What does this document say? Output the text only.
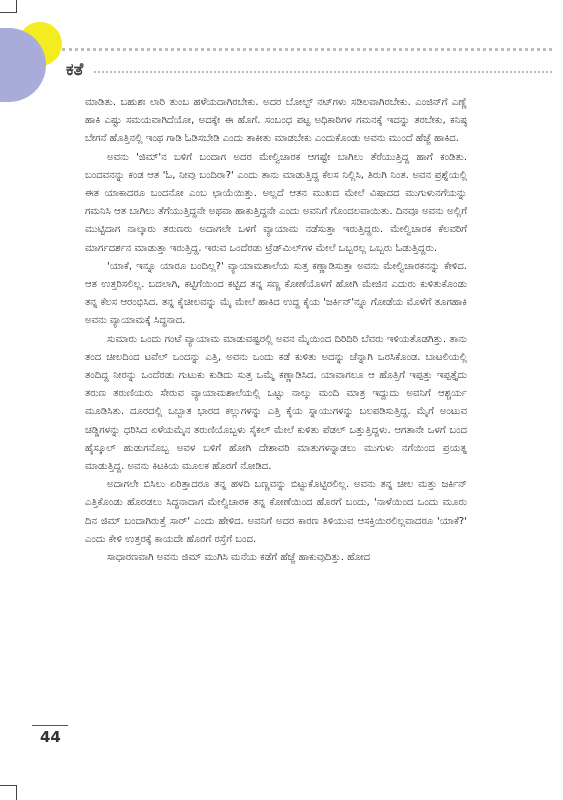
ಕತೆ

ಮಾಡಿತು. ಬಹುಶಃ ಲಾರಿ ತುಂಬ ಹಳೆಯದಾಗಿರಬೇಕು. ಅದರ ಬೋಲ್ಟ್ ನಟ್‌ಗಳು ಸಡಿಲವಾಗಿರಬೇಕು. ಎಂಜಿನ್‌ಗೆ ಎಣ್ಣೆ ಹಾಕಿ ಎಷ್ಟು ಸಮಯವಾಗಿದೆಯೋ, ಅದಕ್ಕೇ ಈ ಹೊಗೆ. ಸಂಬಂಧ ಪಟ್ಟ ಅಧಿಕಾರಿಗಳ ಗಮನಕ್ಕೆ ಇದನ್ನು ತರಬೇಕು, ಕನಿಷ್ಠ ಬೇಗನೆ ಹೊತ್ತಿನಲ್ಲಿ ಇಂಥ ಗಾಡಿ ಓಡಿಸಬೇಡಿ ಎಂದು ತಾಕೀತು ಮಾಡಬೇಕು ಎಂದುಕೊಂಡು ಅವನು ಮುಂದೆ ಹೆಜ್ಜೆ ಹಾಕಿದ.

ಅವನು 'ಜಿಮ್'ನ ಬಳಿಗೆ ಬಂದಾಗ ಅದರ ಮೇಲ್ವಿಚಾರಕ ಆಗಷ್ಟೇ ಬಾಗಿಲು ತೆರೆಯುತ್ತಿದ್ದ ಹಾಗೆ ಕಂಡಿತು. ಬಂದವನನ್ನು ಕಂಡ ಆತ 'ಓ, ನೀವು ಬಂದಿರಾ?' ಎಂದು ತಾನು ಮಾಡುತ್ತಿದ್ದ ಕೆಲಸ ನಿಲ್ಲಿಸಿ, ತಿರುಗಿ ನಿಂತ. ಅವನ ಪ್ರಶ್ನೆಯಲ್ಲಿ ಈತ ಯಾಕಾದರೂ ಬಂದನೋ ಎಂಬ ಛಾಯೆಯಿತ್ತು. ಅಲ್ಲದೆ ಆತನ ಮುಖದ ಮೇಲೆ ವಿಷಾದದ ಮುಗುಳುನಗೆಯನ್ನು ಗಮನಿಸಿ ಆತ ಬಾಗಿಲು ತೆಗೆಯುತ್ತಿದ್ದನೇ ಅಥವಾ ಹಾಕುತ್ತಿದ್ದನೇ ಎಂದು ಅವನಿಗೆ ಗೊಂದಲವಾಯಿತು. ದಿನವೂ ಅವನು ಅಲ್ಲಿಗೆ ಮುಟ್ಟಿದಾಗ ನಾಲ್ಕಾರು ತರುಣರು ಅದಾಗಲೇ ಒಳಗೆ ವ್ಯಾಯಾಮ ನಡೆಸುತ್ತಾ ಇರುತ್ತಿದ್ದರು. ಮೇಲ್ವಿಚಾರಕ ಕೆಲವರಿಗೆ ಮಾರ್ಗದರ್ಶನ ಮಾಡುತ್ತಾ ಇರುತ್ತಿದ್ದ. ಇರುವ ಒಂದೆರಡು ಟ್ರೆಡ್‌ಮಿಲ್‌ಗಳ ಮೇಲೆ ಒಬ್ಬರಲ್ಲ ಒಬ್ಬರು ಓಡುತ್ತಿದ್ದರು.

'ಯಾಕೆ, ಇನ್ನೂ ಯಾರೂ ಬಂದಿಲ್ಲ?' ವ್ಯಾಯಾಮಶಾಲೆಯ ಸುತ್ತ ಕಣ್ಣಾಡಿಸುತ್ತಾ ಅವನು ಮೇಲ್ವಿಚಾರಕನನ್ನು ಕೇಳಿದ. ಆತ ಉತ್ತರಿಸಲಿಲ್ಲ. ಬದಲಾಗಿ, ಕಟ್ಟಿಗೆಯಿಂದ ಕಟ್ಟಿದ ತನ್ನ ಸಣ್ಣ ಕೋಣೆಯೊಳಗೆ ಹೋಗಿ ಮೇಜಿನ ಎದುರು ಕುಳಿತುಕೊಂಡು ತನ್ನ ಕೆಲಸ ಆರಂಭಿಸಿದ. ತನ್ನ ಕೈಚೀಲವನ್ನು ಮೈ ಮೇಲೆ ಹಾಕಿದ ಉದ್ದ ಕೈಯ 'ಜರ್ಕಿನ್'ನ್ನೂ ಗೋಡೆಯ ಮೊಳೆಗೆ ತೂಗಹಾಕಿ ಅವನು ವ್ಯಾಯಾಮಕ್ಕೆ ಸಿದ್ಧನಾದ.

ಸುಮಾರು ಒಂದು ಗಂಟೆ ವ್ಯಾಯಾಮ ಮಾಡುವಷ್ಟರಲ್ಲಿ ಅವನ ಮೈಯಿಂದ ದಿರಿದಿರಿ ಬೆವರು ಇಳಿಯತೊಡಗಿತ್ತು. ತಾನು ತಂದ ಚೀಲದಿಂದ ಟವೆಲ್ ಒಂದನ್ನು ಎತ್ತಿ, ಅವನು ಒಂದು ಕಡೆ ಕುಳಿತು ಅದನ್ನು ಚೆನ್ನಾಗಿ ಒರಸಿಕೊಂಡ. ಬಾಟಲಿಯಲ್ಲಿ ತಂದಿದ್ದ ನೀರನ್ನು ಒಂದೆರಡು ಗುಟುಕು ಕುಡಿದು ಸುತ್ತ ಒಮ್ಮೆ ಕಣ್ಣಾಡಿಸಿದ. ಯಾವಾಗಲೂ ಆ ಹೊತ್ತಿಗೆ ಇಪ್ಪತ್ತು ಇಪ್ಪತ್ತೈದು ತರುಣ ತರುಣಿಯರು ಸೇರುವ ವ್ಯಾಯಾಮಶಾಲೆಯಲ್ಲಿ ಒಟ್ಟು ನಾಲ್ಕು ಮಂದಿ ಮಾತ್ರ ಇದ್ದುದು ಅವನಿಗೆ ಆಶ್ಚರ್ಯ ಮೂಡಿಸಿತು. ದೂರದಲ್ಲಿ ಒಬ್ಬಾತ ಭಾರದ ಕಲ್ಲುಗಳನ್ನು ಎತ್ತಿ ಕೈಯ ಸ್ನಾಯುಗಳನ್ನು ಬಲಪಡಿಸುತ್ತಿದ್ದ. ಮೈಗೆ ಅಂಟುವ ಚಡ್ಡಿಗಳನ್ನು ಧರಿಸಿದ ಏಳೆಯಮೈನ ತರುಣಿಯೊಬ್ಬಳು ಸೈಕಲ್ ಮೇಲೆ ಕುಳಿತು ಪೆಡಲ್ ಒತ್ತುತ್ತಿದ್ದಳು. ಆಗತಾನೇ ಒಳಗೆ ಬಂದ ಹೈಸ್ಕೂಲ್ ಹುಡುಗನೊಬ್ಬ ಅವಳ ಬಳಿಗೆ ಹೋಗಿ ದೇಶಾವರಿ ಮಾತುಗಳನ್ನಾಡಲು ಮುಗುಳು ನಗೆಯಿಂದ ಪ್ರಯತ್ನ ಮಾಡುತ್ತಿದ್ದ. ಅವನು ಕಿಟಕಿಯ ಮೂಲಕ ಹೊರಗೆ ನೋಡಿದ.

ಅದಾಗಲೇ ಬಿಸಿಲು ಏರಿತ್ತಾದರೂ ತನ್ನ ಹಳದಿ ಬಣ್ಣವನ್ನು ಬಿಟ್ಟುಕೊಟ್ಟಿರಲಿಲ್ಲ. ಅವನು ತನ್ನ ಚೀಲ ಮತ್ತು ಜರ್ಕಿನ್ ಎತ್ತಿಕೊಂಡು ಹೊರಡಲು ಸಿದ್ಧನಾದಾಗ ಮೇಲ್ವಿಚಾರಕ ತನ್ನ ಕೋಣೆಯಿಂದ ಹೊರಗೆ ಬಂದು, 'ನಾಳೆಯಿಂದ ಒಂದು ಮೂರು ದಿನ ಜಿಮ್ ಬಂದಾಗಿರುತ್ತೆ ಸಾರ್' ಎಂದು ಹೇಳಿದ. ಅವನಿಗೆ ಅದರ ಕಾರಣ ತಿಳಿಯುವ ಆಸಕ್ತಿಯಿರಲಿಲ್ಲವಾದರೂ 'ಯಾಕೆ?' ಎಂದು ಕೇಳಿ ಉತ್ತರಕ್ಕೆ ಕಾಯದೇ ಹೊರಗೆ ರಸ್ತೆಗೆ ಬಂದ.

ಸಾಧಾರಣವಾಗಿ ಅವನು ಜಿಮ್ ಮುಗಿಸಿ ಮನೆಯ ಕಡೆಗೆ ಹೆಜ್ಜೆ ಹಾಕುವುದಿತ್ತು. ಹೋದ

44
